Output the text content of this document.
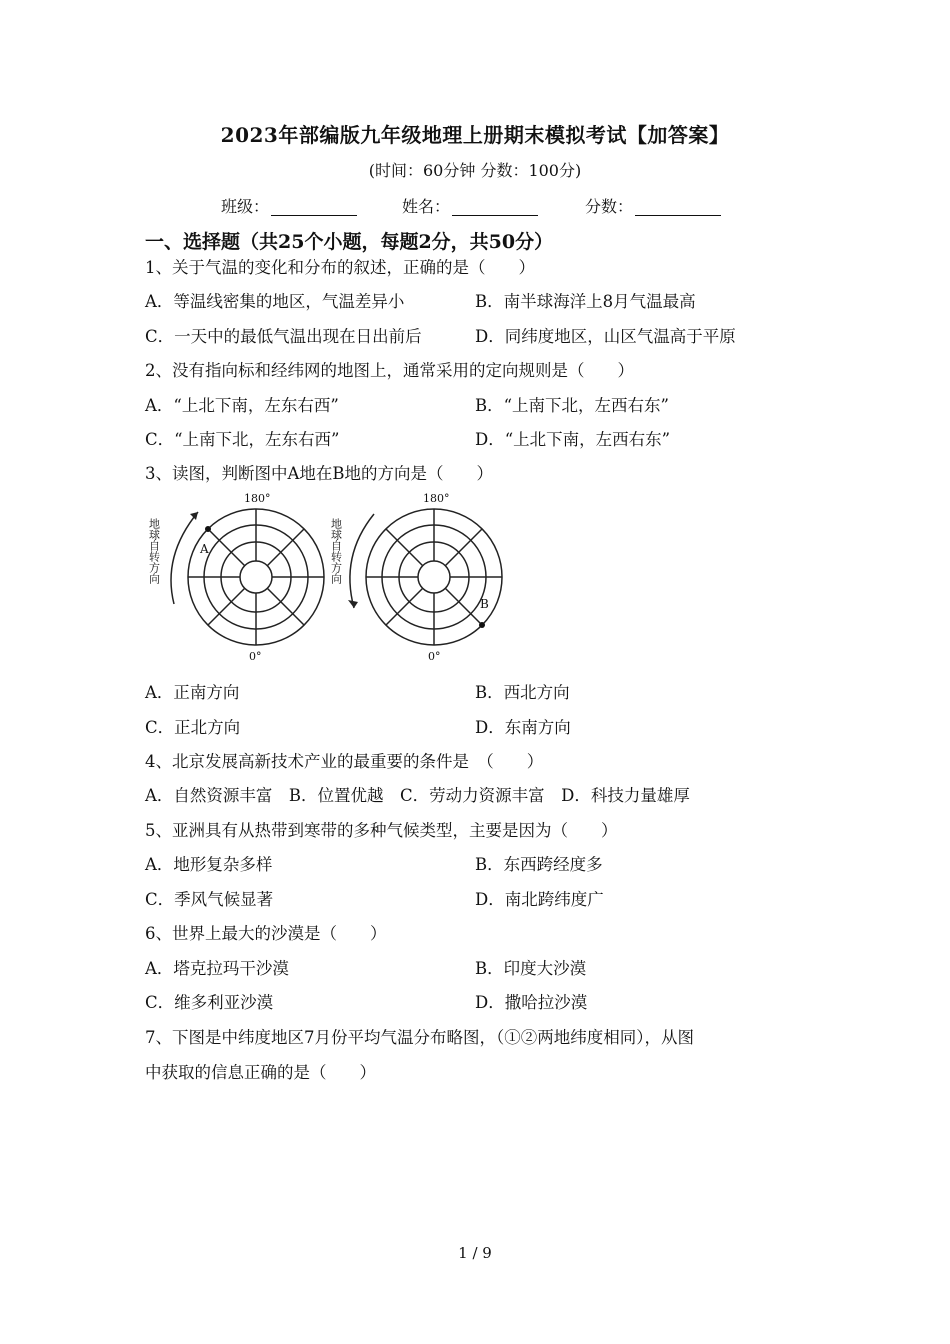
2023年部编版九年级地理上册期末模拟考试【加答案】
(时间：60分钟 分数：100分)
班级：	姓名：	分数：
一、选择题（共25个小题，每题2分，共50分）
1、关于气温的变化和分布的叙述，正确的是（　　）
A．等温线密集的地区，气温差异小	B．南半球海洋上8月气温最高
C．一天中的最低气温出现在日出前后	D．同纬度地区，山区气温高于平原
2、没有指向标和经纬网的地图上，通常采用的定向规则是（　　）
A．“上北下南，左东右西”	B．“上南下北，左西右东”
C．“上南下北，左东右西”	D．“上北下南，左西右东”
3、读图，判断图中A地在B地的方向是（　　）
180°
0°
180°
0°
A
B
地球自转方向	地球自转方向
A．正南方向	B．西北方向
C．正北方向	D．东南方向
4、北京发展高新技术产业的最重要的条件是　（　　）
A．自然资源丰富　B．位置优越　C．劳动力资源丰富　D．科技力量雄厚
5、亚洲具有从热带到寒带的多种气候类型，主要是因为（　　）
A．地形复杂多样	B．东西跨经度多
C．季风气候显著	D．南北跨纬度广
6、世界上最大的沙漠是（　　）
A．塔克拉玛干沙漠	B．印度大沙漠
C．维多利亚沙漠	D．撒哈拉沙漠
7、下图是中纬度地区7月份平均气温分布略图，（①②两地纬度相同），从图
中获取的信息正确的是（　　）
1 / 9
